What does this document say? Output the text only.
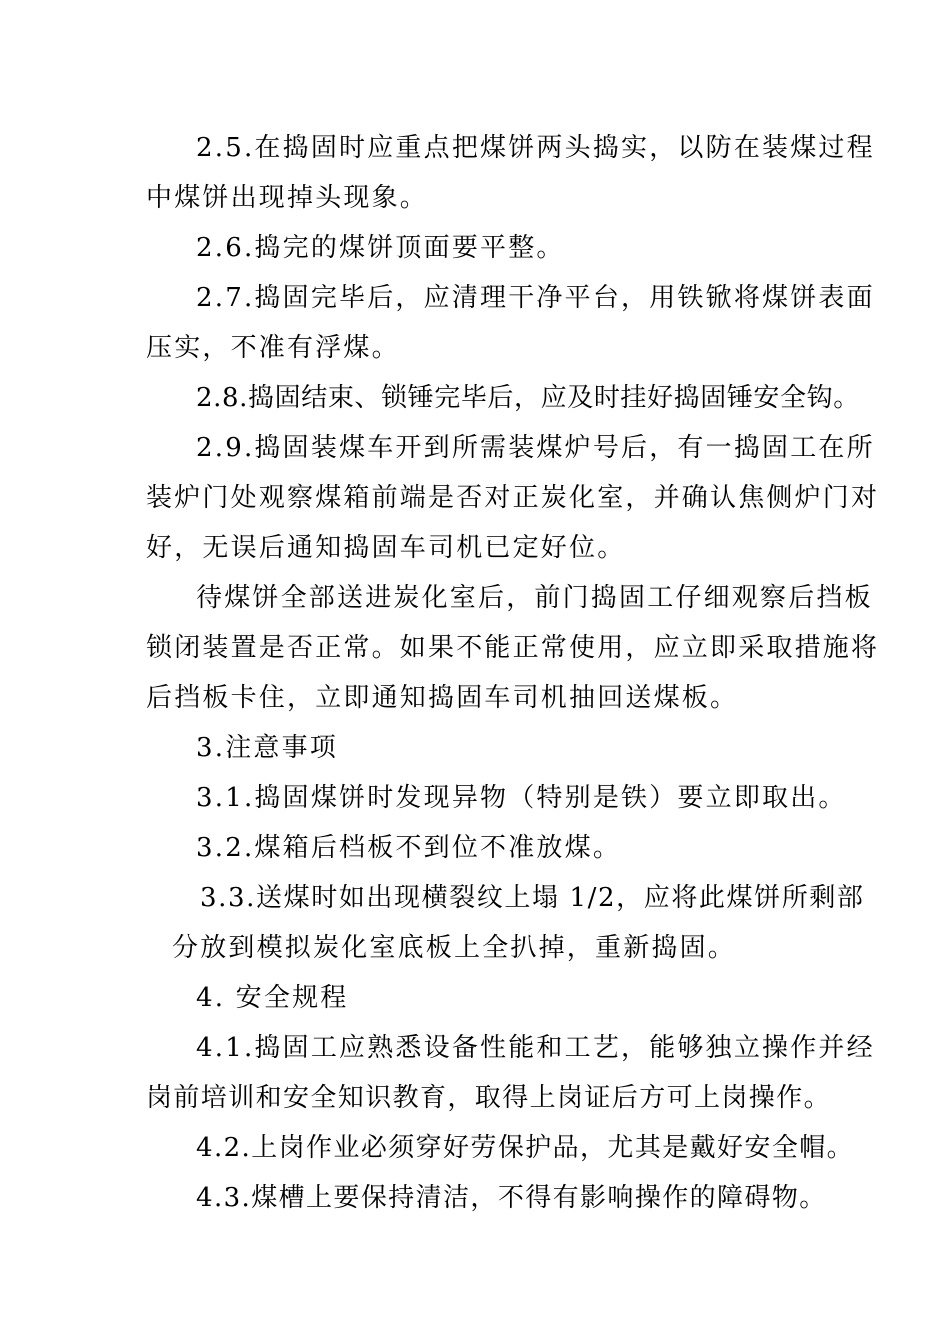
2.5.在捣固时应重点把煤饼两头捣实，以防在装煤过程
中煤饼出现掉头现象。
2.6.捣完的煤饼顶面要平整。
2.7.捣固完毕后，应清理干净平台，用铁锨将煤饼表面
压实，不准有浮煤。
2.8.捣固结束、锁锤完毕后，应及时挂好捣固锤安全钩。
2.9.捣固装煤车开到所需装煤炉号后，有一捣固工在所
装炉门处观察煤箱前端是否对正炭化室，并确认焦侧炉门对
好，无误后通知捣固车司机已定好位。
待煤饼全部送进炭化室后，前门捣固工仔细观察后挡板
锁闭装置是否正常。如果不能正常使用，应立即采取措施将
后挡板卡住，立即通知捣固车司机抽回送煤板。
3.注意事项
3.1.捣固煤饼时发现异物（特别是铁）要立即取出。
3.2.煤箱后档板不到位不准放煤。
3.3.送煤时如出现横裂纹上塌 1/2，应将此煤饼所剩部
分放到模拟炭化室底板上全扒掉，重新捣固。
4. 安全规程
4.1.捣固工应熟悉设备性能和工艺，能够独立操作并经
岗前培训和安全知识教育，取得上岗证后方可上岗操作。
4.2.上岗作业必须穿好劳保护品，尤其是戴好安全帽。
4.3.煤槽上要保持清洁，不得有影响操作的障碍物。
